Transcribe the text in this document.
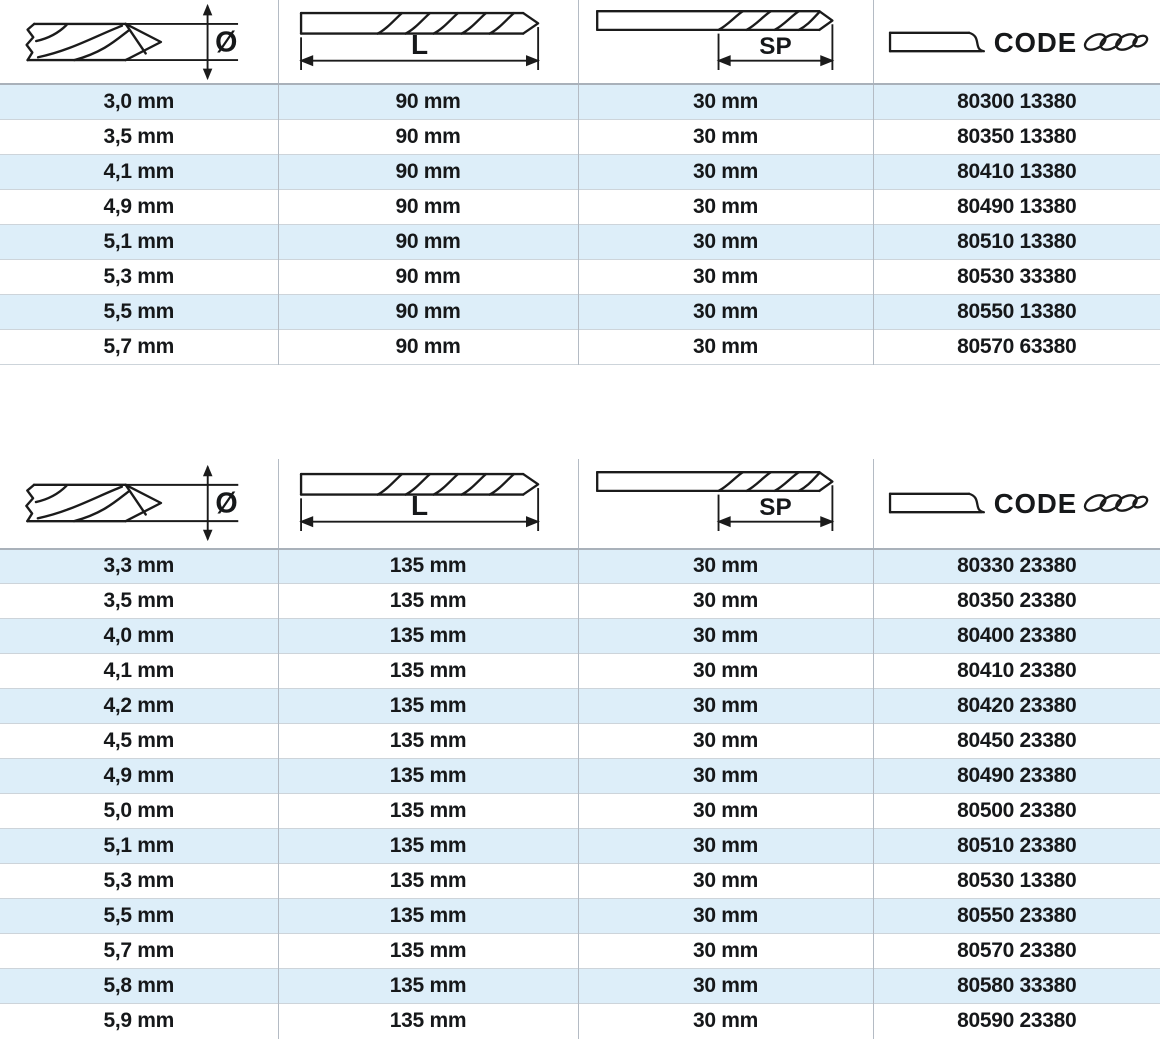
Ø	L	SP	CODE

3,0 mm	90 mm	30 mm	80300 13380
3,5 mm	90 mm	30 mm	80350 13380
4,1 mm	90 mm	30 mm	80410 13380
4,9 mm	90 mm	30 mm	80490 13380
5,1 mm	90 mm	30 mm	80510 13380
5,3 mm	90 mm	30 mm	80530 33380
5,5 mm	90 mm	30 mm	80550 13380
5,7 mm	90 mm	30 mm	80570 63380
Ø	L	SP	CODE

3,3 mm	135 mm	30 mm	80330 23380
3,5 mm	135 mm	30 mm	80350 23380
4,0 mm	135 mm	30 mm	80400 23380
4,1 mm	135 mm	30 mm	80410 23380
4,2 mm	135 mm	30 mm	80420 23380
4,5 mm	135 mm	30 mm	80450 23380
4,9 mm	135 mm	30 mm	80490 23380
5,0 mm	135 mm	30 mm	80500 23380
5,1 mm	135 mm	30 mm	80510 23380
5,3 mm	135 mm	30 mm	80530 13380
5,5 mm	135 mm	30 mm	80550 23380
5,7 mm	135 mm	30 mm	80570 23380
5,8 mm	135 mm	30 mm	80580 33380
5,9 mm	135 mm	30 mm	80590 23380
